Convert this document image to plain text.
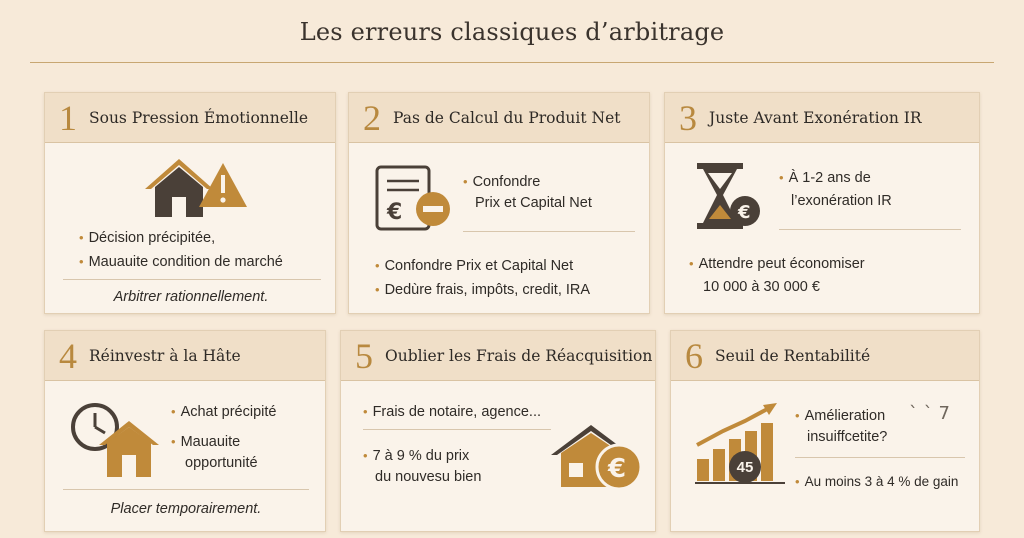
Les erreurs classiques d’arbitrage
1 Sous Pression Émotionnelle
• Décision précipitée,
• Mauauite condition de marché
Arbitrer rationnellement.
2 Pas de Calcul du Produit Net
€
• Confondre
Prix et Capital Net
• Confondre Prix et Capital Net
• Dedùre frais, impôts, credit, IRA
3 Juste Avant Exonération IR
€
• À 1-2 ans de
l’exonération IR
• Attendre peut économiser
10 000 à 30 000 €
4 Réinvestr à la Hâte
• Achat précipité
• Mauauite
opportunité
Placer temporairement.
5 Oublier les Frais de Réacquisition
• Frais de notaire, agence...
• 7 à 9 % du prix
du nouvesu bien	€
6 Seuil de Rentabilité
45
• Amélieration
insuiffcetite?
` ` 7
• Au moins 3 à 4 % de gain
